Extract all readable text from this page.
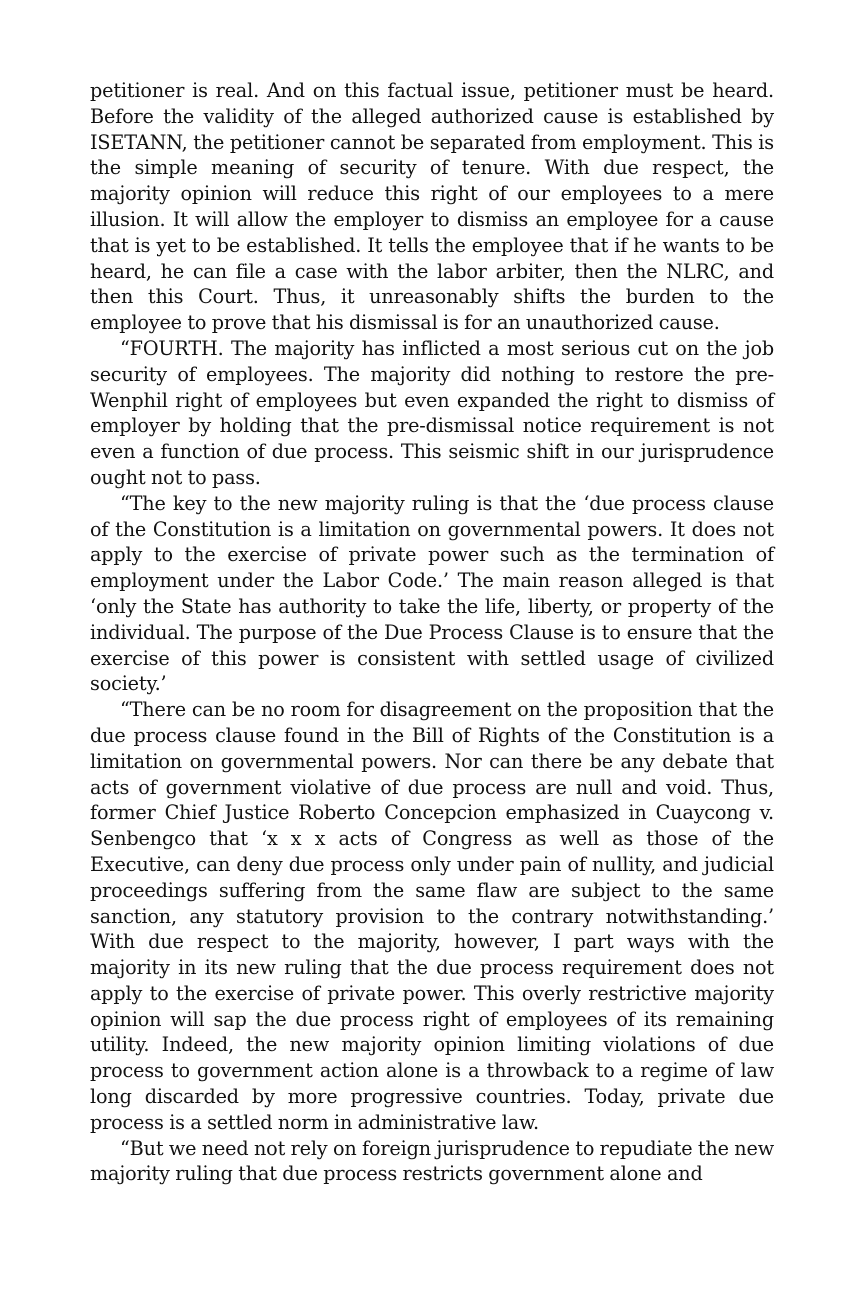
petitioner is real. And on this factual issue, petitioner must be heard. Before the validity of the alleged authorized cause is established by ISETANN, the petitioner cannot be separated from employment. This is the simple meaning of security of tenure. With due respect, the majority opinion will reduce this right of our employees to a mere illusion. It will allow the employer to dismiss an employee for a cause that is yet to be established. It tells the employee that if he wants to be heard, he can file a case with the labor arbiter, then the NLRC, and then this Court. Thus, it unreasonably shifts the burden to the employee to prove that his dismissal is for an unauthorized cause.

“FOURTH. The majority has inflicted a most serious cut on the job security of employees. The majority did nothing to restore the pre-Wenphil right of employees but even expanded the right to dismiss of employer by holding that the pre-dismissal notice requirement is not even a function of due process. This seismic shift in our jurisprudence ought not to pass.

“The key to the new majority ruling is that the ‘due process clause of the Constitution is a limitation on governmental powers. It does not apply to the exercise of private power such as the termination of employment under the Labor Code.’ The main reason alleged is that ‘only the State has authority to take the life, liberty, or property of the individual. The purpose of the Due Process Clause is to ensure that the exercise of this power is consistent with settled usage of civilized society.’

“There can be no room for disagreement on the proposition that the due process clause found in the Bill of Rights of the Constitution is a limitation on governmental powers. Nor can there be any debate that acts of government violative of due process are null and void. Thus, former Chief Justice Roberto Concepcion emphasized in Cuaycong v. Senbengco that ‘x x x acts of Congress as well as those of the Executive, can deny due process only under pain of nullity, and judicial proceedings suffering from the same flaw are subject to the same sanction, any statutory provision to the contrary notwithstanding.’ With due respect to the majority, however, I part ways with the majority in its new ruling that the due process requirement does not apply to the exercise of private power. This overly restrictive majority opinion will sap the due process right of employees of its remaining utility. Indeed, the new majority opinion limiting violations of due process to government action alone is a throwback to a regime of law long discarded by more progressive countries. Today, private due process is a settled norm in administrative law.

“But we need not rely on foreign jurisprudence to repudiate the new majority ruling that due process restricts government alone and
